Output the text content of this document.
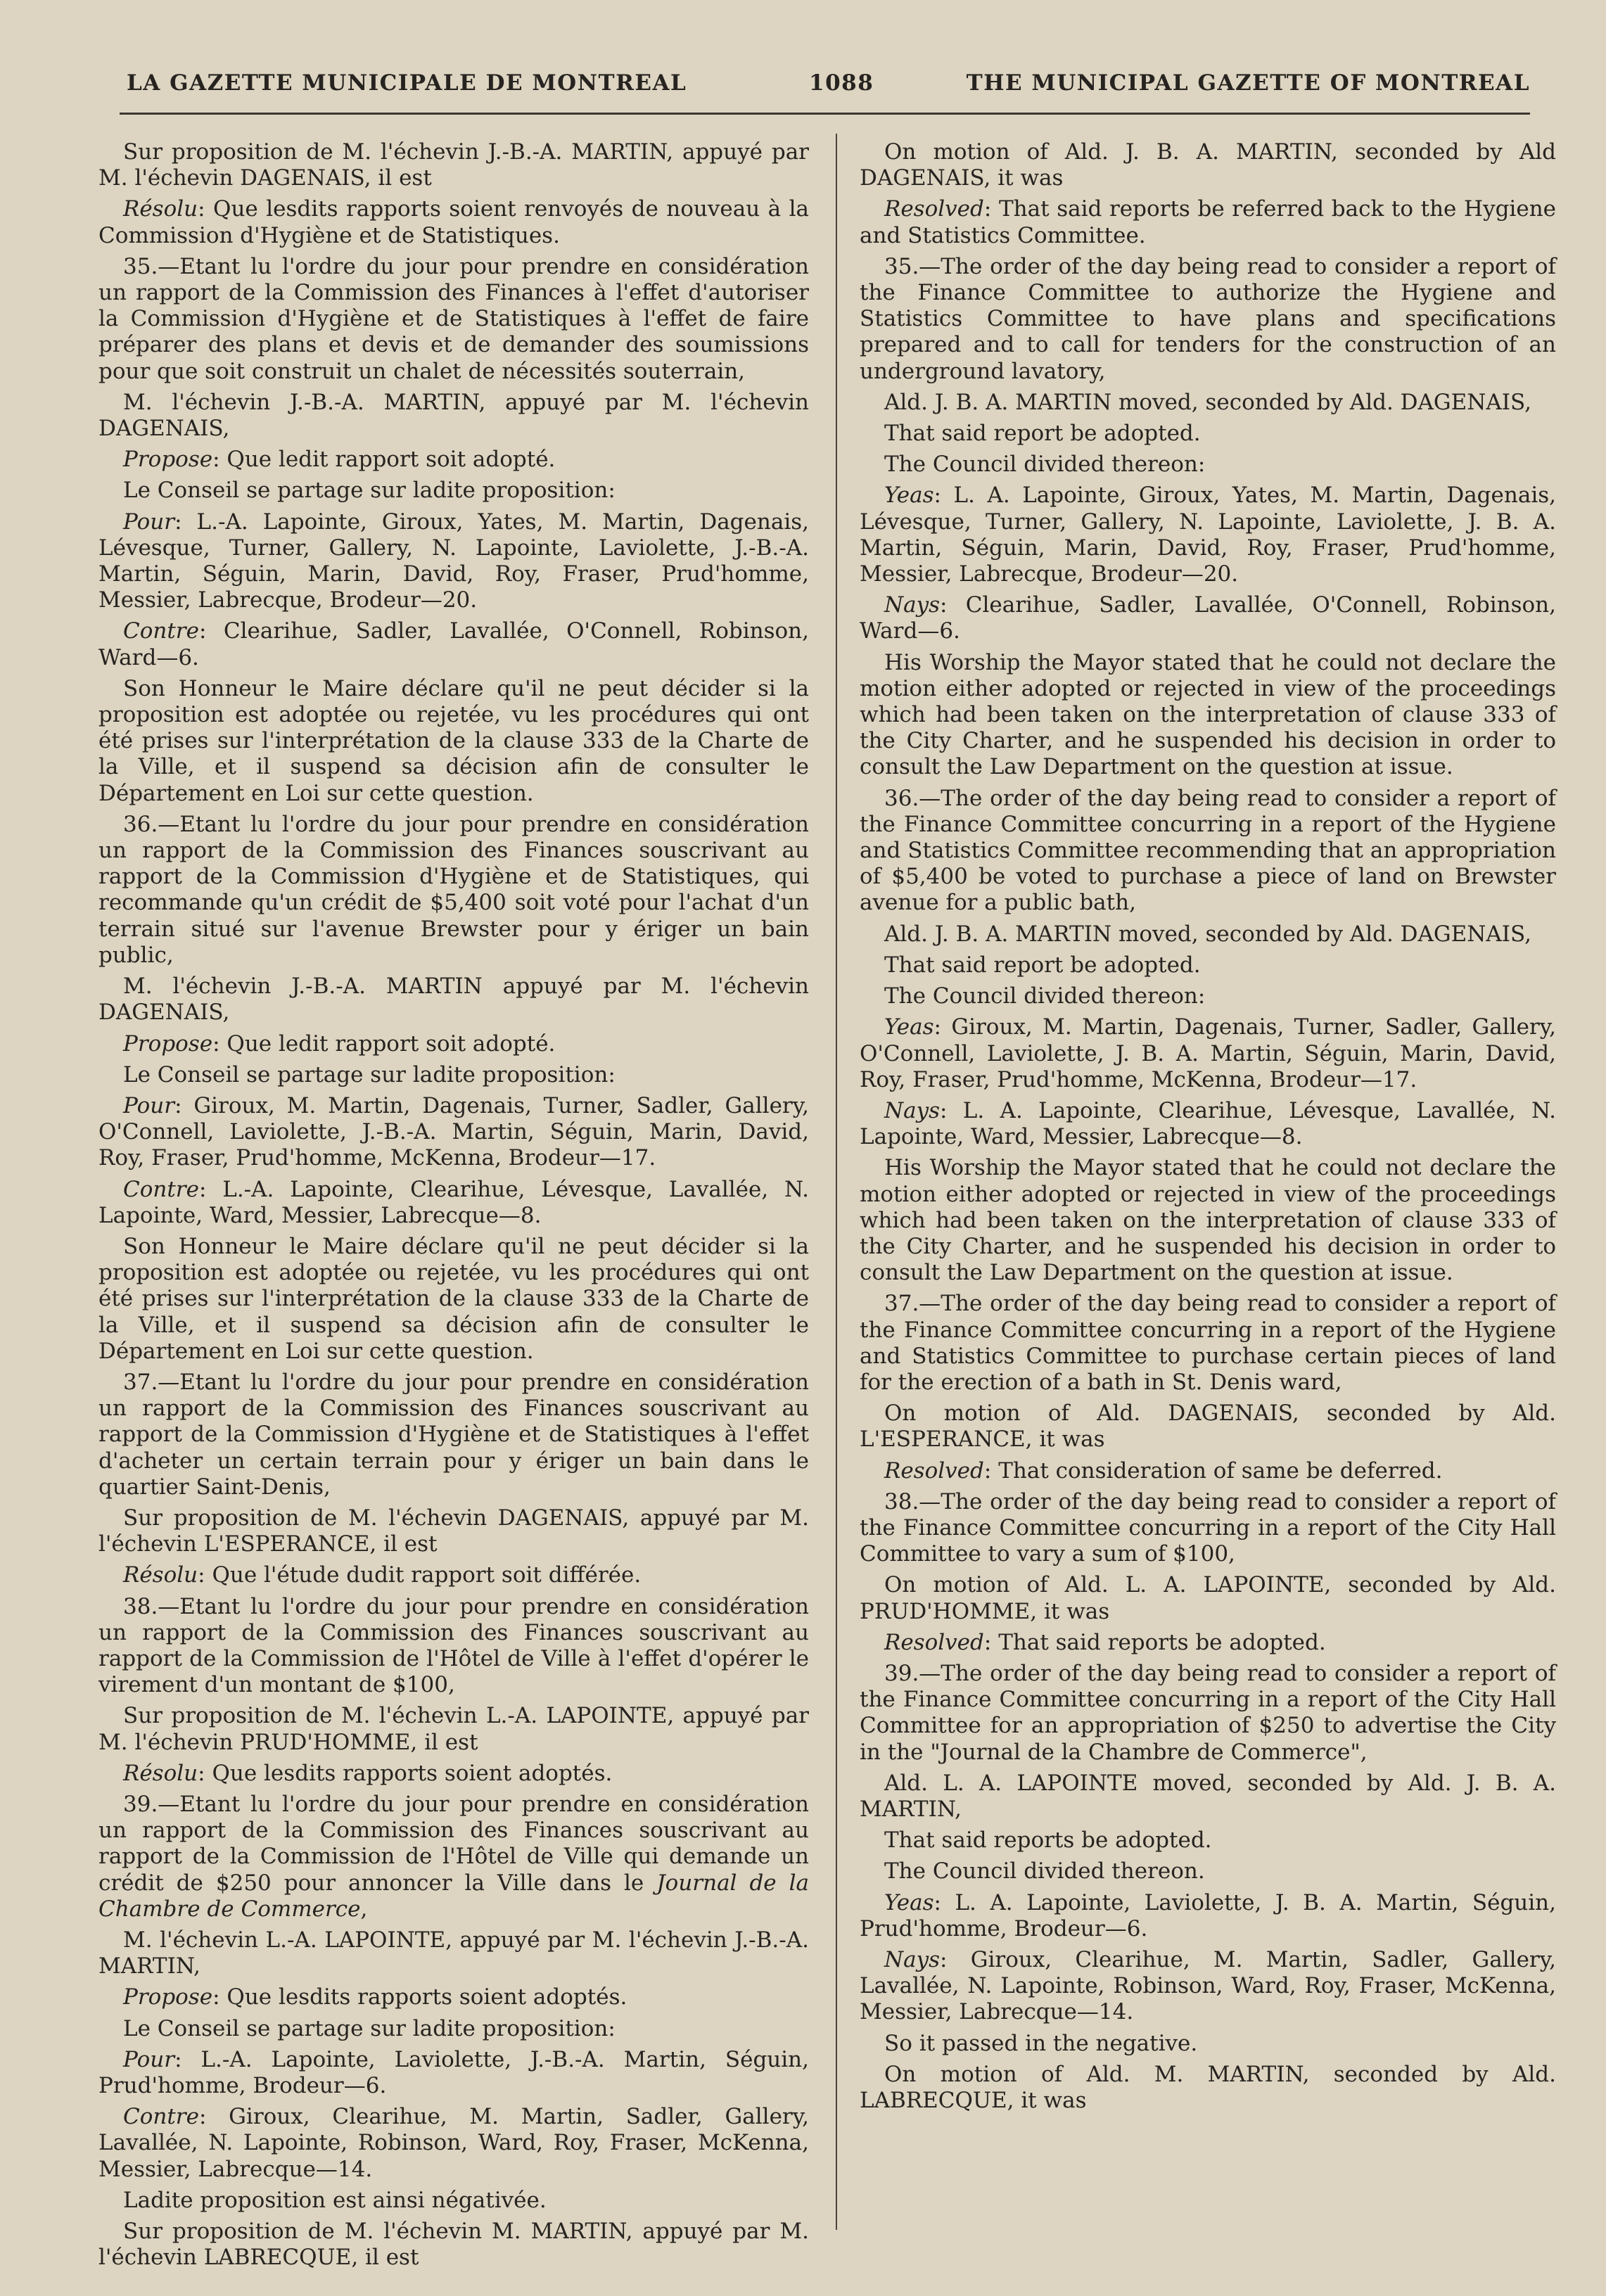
LA GAZETTE MUNICIPALE DE MONTREAL	1088	THE MUNICIPAL GAZETTE OF MONTREAL

Sur proposition de M. l'échevin J.-B.-A. MARTIN, appuyé par M. l'échevin DAGENAIS, il est

Résolu: Que lesdits rapports soient renvoyés de nouveau à la Commission d'Hygiène et de Statistiques.

35.—Etant lu l'ordre du jour pour prendre en considération un rapport de la Commission des Finances à l'effet d'autoriser la Commission d'Hygiène et de Statistiques à l'effet de faire préparer des plans et devis et de demander des soumissions pour que soit construit un chalet de nécessités souterrain,

M. l'échevin J.-B.-A. MARTIN, appuyé par M. l'échevin DAGENAIS,

Propose: Que ledit rapport soit adopté.

Le Conseil se partage sur ladite proposition:

Pour: L.-A. Lapointe, Giroux, Yates, M. Martin, Dagenais, Lévesque, Turner, Gallery, N. Lapointe, Laviolette, J.-B.-A. Martin, Séguin, Marin, David, Roy, Fraser, Prud'homme, Messier, Labrecque, Brodeur—20.

Contre: Clearihue, Sadler, Lavallée, O'Connell, Robinson, Ward—6.

Son Honneur le Maire déclare qu'il ne peut décider si la proposition est adoptée ou rejetée, vu les procédures qui ont été prises sur l'interprétation de la clause 333 de la Charte de la Ville, et il suspend sa décision afin de consulter le Département en Loi sur cette question.

36.—Etant lu l'ordre du jour pour prendre en considération un rapport de la Commission des Finances souscrivant au rapport de la Commission d'Hygiène et de Statistiques, qui recommande qu'un crédit de $5,400 soit voté pour l'achat d'un terrain situé sur l'avenue Brewster pour y ériger un bain public,

M. l'échevin J.-B.-A. MARTIN appuyé par M. l'échevin DAGENAIS,

Propose: Que ledit rapport soit adopté.

Le Conseil se partage sur ladite proposition:

Pour: Giroux, M. Martin, Dagenais, Turner, Sadler, Gallery, O'Connell, Laviolette, J.-B.-A. Martin, Séguin, Marin, David, Roy, Fraser, Prud'homme, McKenna, Brodeur—17.

Contre: L.-A. Lapointe, Clearihue, Lévesque, Lavallée, N. Lapointe, Ward, Messier, Labrecque—8.

Son Honneur le Maire déclare qu'il ne peut décider si la proposition est adoptée ou rejetée, vu les procédures qui ont été prises sur l'interprétation de la clause 333 de la Charte de la Ville, et il suspend sa décision afin de consulter le Département en Loi sur cette question.

37.—Etant lu l'ordre du jour pour prendre en considération un rapport de la Commission des Finances souscrivant au rapport de la Commission d'Hygiène et de Statistiques à l'effet d'acheter un certain terrain pour y ériger un bain dans le quartier Saint-Denis,

Sur proposition de M. l'échevin DAGENAIS, appuyé par M. l'échevin L'ESPERANCE, il est

Résolu: Que l'étude dudit rapport soit différée.

38.—Etant lu l'ordre du jour pour prendre en considération un rapport de la Commission des Finances souscrivant au rapport de la Commission de l'Hôtel de Ville à l'effet d'opérer le virement d'un montant de $100,

Sur proposition de M. l'échevin L.-A. LAPOINTE, appuyé par M. l'échevin PRUD'HOMME, il est

Résolu: Que lesdits rapports soient adoptés.

39.—Etant lu l'ordre du jour pour prendre en considération un rapport de la Commission des Finances souscrivant au rapport de la Commission de l'Hôtel de Ville qui demande un crédit de $250 pour annoncer la Ville dans le Journal de la Chambre de Commerce,

M. l'échevin L.-A. LAPOINTE, appuyé par M. l'échevin J.-B.-A. MARTIN,

Propose: Que lesdits rapports soient adoptés.

Le Conseil se partage sur ladite proposition:

Pour: L.-A. Lapointe, Laviolette, J.-B.-A. Martin, Séguin, Prud'homme, Brodeur—6.

Contre: Giroux, Clearihue, M. Martin, Sadler, Gallery, Lavallée, N. Lapointe, Robinson, Ward, Roy, Fraser, McKenna, Messier, Labrecque—14.

Ladite proposition est ainsi négativée.

Sur proposition de M. l'échevin M. MARTIN, appuyé par M. l'échevin LABRECQUE, il est

On motion of Ald. J. B. A. MARTIN, seconded by Ald DAGENAIS, it was

Resolved: That said reports be referred back to the Hygiene and Statistics Committee.

35.—The order of the day being read to consider a report of the Finance Committee to authorize the Hygiene and Statistics Committee to have plans and specifications prepared and to call for tenders for the construction of an underground lavatory,

Ald. J. B. A. MARTIN moved, seconded by Ald. DAGENAIS,

That said report be adopted.

The Council divided thereon:

Yeas: L. A. Lapointe, Giroux, Yates, M. Martin, Dagenais, Lévesque, Turner, Gallery, N. Lapointe, Laviolette, J. B. A. Martin, Séguin, Marin, David, Roy, Fraser, Prud'homme, Messier, Labrecque, Brodeur—20.

Nays: Clearihue, Sadler, Lavallée, O'Connell, Robinson, Ward—6.

His Worship the Mayor stated that he could not declare the motion either adopted or rejected in view of the proceedings which had been taken on the interpretation of clause 333 of the City Charter, and he suspended his decision in order to consult the Law Department on the question at issue.

36.—The order of the day being read to consider a report of the Finance Committee concurring in a report of the Hygiene and Statistics Committee recommending that an appropriation of $5,400 be voted to purchase a piece of land on Brewster avenue for a public bath,

Ald. J. B. A. MARTIN moved, seconded by Ald. DAGENAIS,

That said report be adopted.

The Council divided thereon:

Yeas: Giroux, M. Martin, Dagenais, Turner, Sadler, Gallery, O'Connell, Laviolette, J. B. A. Martin, Séguin, Marin, David, Roy, Fraser, Prud'homme, McKenna, Brodeur—17.

Nays: L. A. Lapointe, Clearihue, Lévesque, Lavallée, N. Lapointe, Ward, Messier, Labrecque—8.

His Worship the Mayor stated that he could not declare the motion either adopted or rejected in view of the proceedings which had been taken on the interpretation of clause 333 of the City Charter, and he suspended his decision in order to consult the Law Department on the question at issue.

37.—The order of the day being read to consider a report of the Finance Committee concurring in a report of the Hygiene and Statistics Committee to purchase certain pieces of land for the erection of a bath in St. Denis ward,

On motion of Ald. DAGENAIS, seconded by Ald. L'ESPERANCE, it was

Resolved: That consideration of same be deferred.

38.—The order of the day being read to consider a report of the Finance Committee concurring in a report of the City Hall Committee to vary a sum of $100,

On motion of Ald. L. A. LAPOINTE, seconded by Ald. PRUD'HOMME, it was

Resolved: That said reports be adopted.

39.—The order of the day being read to consider a report of the Finance Committee concurring in a report of the City Hall Committee for an appropriation of $250 to advertise the City in the "Journal de la Chambre de Commerce",

Ald. L. A. LAPOINTE moved, seconded by Ald. J. B. A. MARTIN,

That said reports be adopted.

The Council divided thereon.

Yeas: L. A. Lapointe, Laviolette, J. B. A. Martin, Séguin, Prud'homme, Brodeur—6.

Nays: Giroux, Clearihue, M. Martin, Sadler, Gallery, Lavallée, N. Lapointe, Robinson, Ward, Roy, Fraser, McKenna, Messier, Labrecque—14.

So it passed in the negative.

On motion of Ald. M. MARTIN, seconded by Ald. LABRECQUE, it was
